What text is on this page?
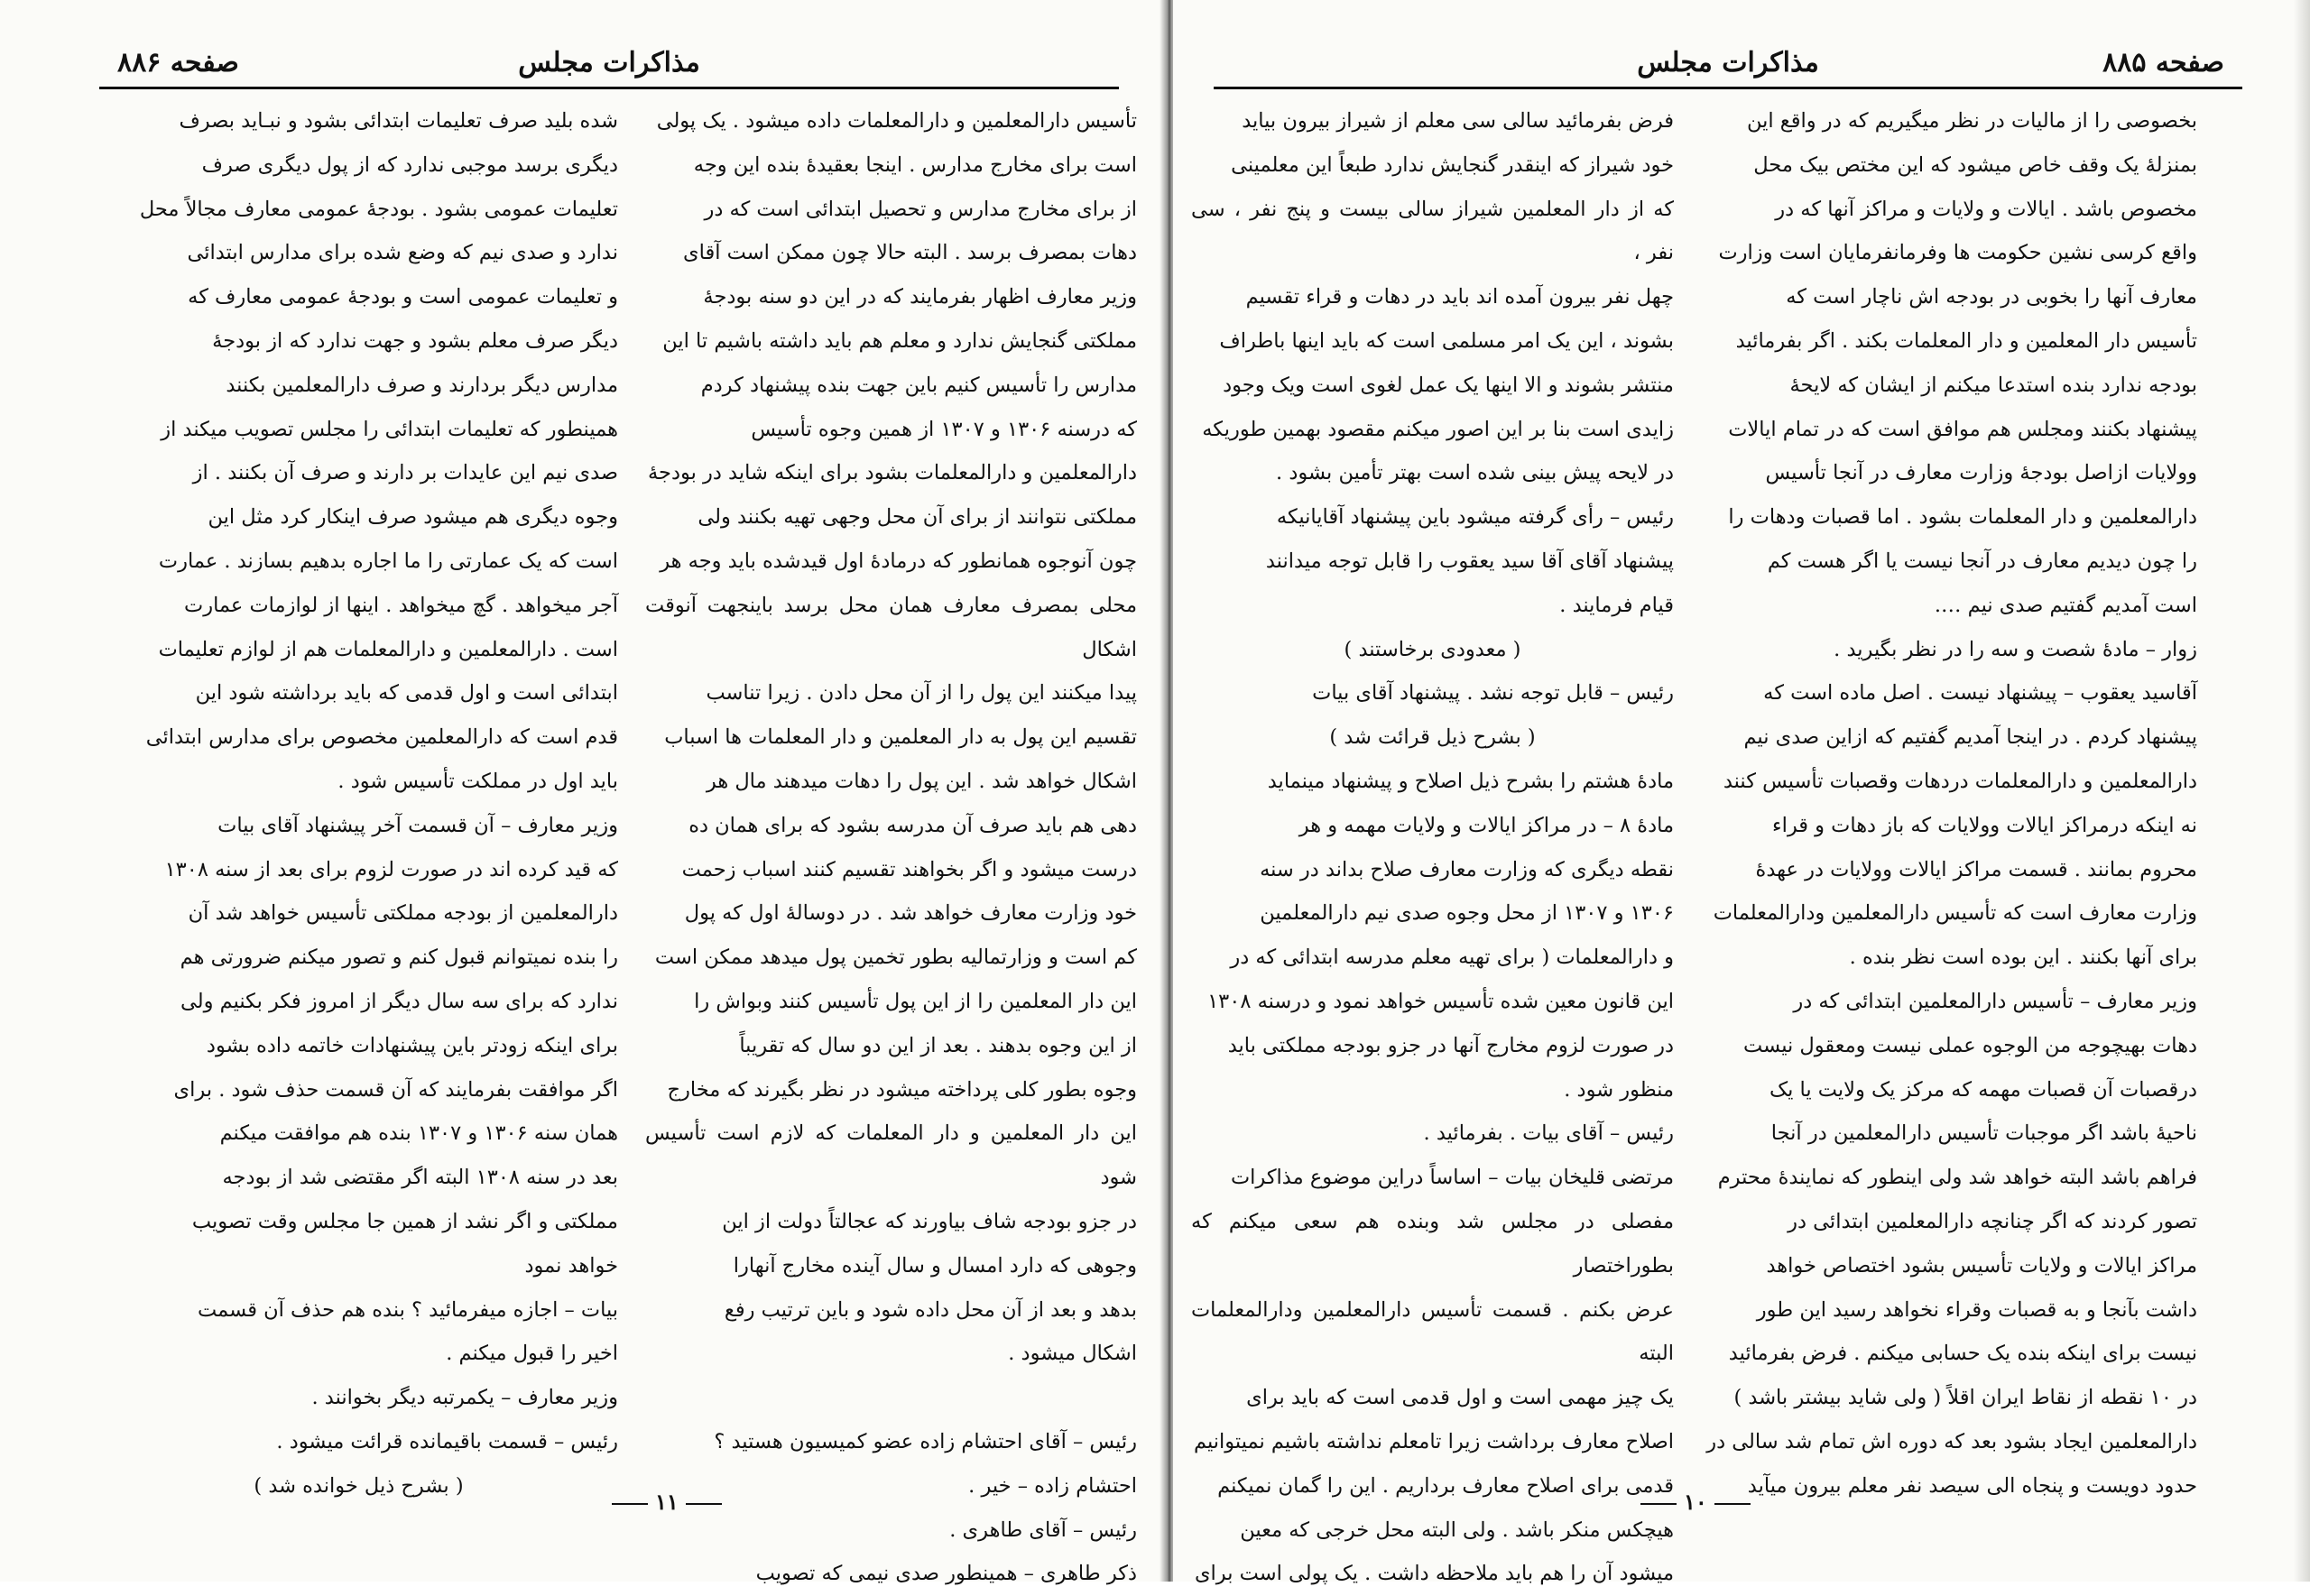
مذاکرات مجلس
صفحه ۸۸۶

تأسیس دارالمعلمین و دارالمعلمات داده میشود . یک پولی

است برای مخارج مدارس . اینجا بعقیدهٔ بنده این وجه

از برای مخارج مدارس و تحصیل ابتدائی است که در

دهات بمصرف برسد . البته حالا چون ممکن است آقای

وزیر معارف اظهار بفرمایند که در این دو سنه بودجهٔ

مملکتی گنجایش ندارد و معلم هم باید داشته باشیم تا این

مدارس را تأسیس کنیم باین جهت بنده پیشنهاد کردم

که درسنه ۱۳۰۶ و ۱۳۰۷ از همین وجوه تأسیس

دارالمعلمین و دارالمعلمات بشود برای اینکه شاید در بودجهٔ

مملکتی نتوانند از برای آن محل وجهی تهیه بکنند ولی

چون آنوجوه همانطور که درمادهٔ اول قیدشده باید وجه هر

محلی بمصرف معارف همان محل برسد باینجهت آنوقت اشکال

پیدا میکنند این پول را از آن محل دادن . زیرا تناسب

تقسیم این پول به دار المعلمین و دار المعلمات ها اسباب

اشکال خواهد شد . این پول را دهات میدهند مال هر

دهی هم باید صرف آن مدرسه بشود که برای همان ده

درست میشود و اگر بخواهند تقسیم کنند اسباب زحمت

خود وزارت معارف خواهد شد . در دوسالهٔ اول که پول

کم است و وزارتمالیه بطور تخمین پول میدهد ممکن است

این دار المعلمین را از این پول تأسیس کنند وبواش را

از این وجوه بدهند . بعد از این دو سال که تقریباً

وجوه بطور کلی پرداخته میشود در نظر بگیرند که مخارج

این دار المعلمین و دار المعلمات که لازم است تأسیس شود

در جزو بودجه شاف بیاورند که عجالتاً دولت از این

وجوهی که دارد امسال و سال آینده مخارج آنهارا

بدهد و بعد از آن محل داده شود و باین ترتیب رفع

اشکال میشود .

رئیس – آقای احتشام زاده عضو کمیسیون هستید ؟

احتشام زاده – خیر .

رئیس – آقای طاهری .

ذکر طاهری – همینطور صدی نیمی که تصویب

شده بلید صرف تعلیمات ابتدائی بشود و نبـاید بصرف

دیگری برسد موجبی ندارد که از پول دیگری صرف

تعلیمات عمومی بشود . بودجهٔ عمومی معارف مجالاً محل

ندارد و صدی نیم که وضع شده برای مدارس ابتدائی

و تعلیمات عمومی است و بودجهٔ عمومی معارف که

دیگر صرف معلم بشود و جهت ندارد که از بودجهٔ

مدارس دیگر بردارند و صرف دارالمعلمین بکنند

همینطور که تعلیمات ابتدائی را مجلس تصویب میکند از

صدی نیم این عایدات بر دارند و صرف آن بکنند . از

وجوه دیگری هم میشود صرف اینکار کرد مثل این

است که یک عمارتی را ما اجاره بدهیم بسازند . عمارت

آجر میخواهد . گچ میخواهد . اینها از لوازمات عمارت

است . دارالمعلمین و دارالمعلمات هم از لوازم تعلیمات

ابتدائی است و اول قدمی که باید برداشته شود این

قدم است که دارالمعلمین مخصوص برای مدارس ابتدائی

باید اول در مملکت تأسیس شود .

وزیر معارف – آن قسمت آخر پیشنهاد آقای بیات

که قید کرده اند در صورت لزوم برای بعد از سنه ۱۳۰۸

دارالمعلمین از بودجه مملکتی تأسیس خواهد شد آن

را بنده نمیتوانم قبول کنم و تصور میکنم ضرورتی هم

ندارد که برای سه سال دیگر از امروز فکر بکنیم ولی

برای اینکه زودتر باین پیشنهادات خاتمه داده بشود

اگر موافقت بفرمایند که آن قسمت حذف شود . برای

همان سنه ۱۳۰۶ و ۱۳۰۷ بنده هم موافقت میکنم

بعد در سنه ۱۳۰۸ البته اگر مقتضی شد از بودجه

مملکتی و اگر نشد از همین جا مجلس وقت تصویب

خواهد نمود

بیات – اجازه میفرمائید ؟ بنده هم حذف آن قسمت

اخیر را قبول میکنم .

وزیر معارف – یکمرتبه دیگر بخوانند .

رئیس – قسمت باقیمانده قرائت میشود .

( بشرح ذیل خوانده شد )

۱۱
مذاکرات مجلس	صفحه ۸۸۵

بخصوصی را از مالیات در نظر میگیریم که در واقع این

بمنزلهٔ یک وقف خاص میشود که این مختص بیک محل

مخصوص باشد . ایالات و ولایات و مراکز آنها که در

واقع کرسی نشین حکومت ها وفرمانفرمایان است وزارت

معارف آنها را بخوبی در بودجه اش ناچار است که

تأسیس دار المعلمین و دار المعلمات بکند . اگر بفرمائید

بودجه ندارد بنده استدعا میکنم از ایشان که لایحهٔ

پیشنهاد بکنند ومجلس هم موافق است که در تمام ایالات

وولایات ازاصل بودجهٔ وزارت معارف در آنجا تأسیس

دارالمعلمین و دار المعلمات بشود . اما قصبات ودهات را

را چون دیدیم معارف در آنجا نیست یا اگر هست کم

است آمدیم گفتیم صدی نیم ….

زوار – مادهٔ شصت و سه را در نظر بگیرید .

آقاسید یعقوب – پیشنهاد نیست . اصل ماده است که

پیشنهاد کردم . در اینجا آمدیم گفتیم که ازاین صدی نیم

دارالمعلمین و دارالمعلمات دردهات وقصبات تأسیس کنند

نه اینکه درمراکز ایالات وولایات که باز دهات و قراء

محروم بمانند . قسمت مراکز ایالات وولایات در عهدهٔ

وزارت معارف است که تأسیس دارالمعلمین ودارالمعلمات

برای آنها بکنند . این بوده است نظر بنده .

وزیر معارف – تأسیس دارالمعلمین ابتدائی که در

دهات بهیچوجه من الوجوه عملی نیست ومعقول نیست

درقصبات آن قصبات مهمه که مرکز یک ولایت یا یک

ناحیهٔ باشد اگر موجبات تأسیس دارالمعلمین در آنجا

فراهم باشد البته خواهد شد ولی اینطور که نمایندهٔ محترم

تصور کردند که اگر چنانچه دارالمعلمین ابتدائی در

مراکز ایالات و ولایات تأسیس بشود اختصاص خواهد

داشت بآنجا و به قصبات وقراء نخواهد رسید این طور

نیست برای اینکه بنده یک حسابی میکنم . فرض بفرمائید

در ۱۰ نقطه از نقاط ایران اقلاً ( ولی شاید بیشتر باشد )

دارالمعلمین ایجاد بشود بعد که دوره اش تمام شد سالی در

حدود دویست و پنجاه الی سیصد نفر معلم بیرون میآید

فرض بفرمائید سالی سی معلم از شیراز بیرون بیاید

خود شیراز که اینقدر گنجایش ندارد طبعاً این معلمینی

که از دار المعلمین شیراز سالی بیست و پنج نفر ، سی نفر ،

چهل نفر بیرون آمده اند باید در دهات و قراء تقسیم

بشوند ، این یک امر مسلمی است که باید اینها باطراف

منتشر بشوند و الا اینها یک عمل لغوی است ویک وجود

زایدی است بنا بر این اصور میکنم مقصود بهمین طوریکه

در لایحه پیش بینی شده است بهتر تأمین بشود .

رئیس – رأی گرفته میشود باین پیشنهاد آقایانیکه

پیشنهاد آقای آقا سید یعقوب را قابل توجه میدانند

قیام فرمایند .

( معدودی برخاستند )

رئیس – قابل توجه نشد . پیشنهاد آقای بیات

( بشرح ذیل قرائت شد )

مادهٔ هشتم را بشرح ذیل اصلاح و پیشنهاد مینماید

مادهٔ ۸ – در مراکز ایالات و ولایات مهمه و هر

نقطه دیگری که وزارت معارف صلاح بداند در سنه

۱۳۰۶ و ۱۳۰۷ از محل وجوه صدی نیم دارالمعلمین

و دارالمعلمات ( برای تهیه معلم مدرسه ابتدائی که در

این قانون معین شده تأسیس خواهد نمود و درسنه ۱۳۰۸

در صورت لزوم مخارج آنها در جزو بودجه مملکتی باید

منظور شود .

رئیس – آقای بیات . بفرمائید .

مرتضی قلیخان بیات – اساساً دراین موضوع مذاکرات

مفصلی در مجلس شد وبنده هم سعی میکنم که بطوراختصار

عرض بکنم . قسمت تأسیس دارالمعلمین ودارالمعلمات البته

یک چیز مهمی است و اول قدمی است که باید برای

اصلاح معارف برداشت زیرا تامعلم نداشته باشیم نمیتوانیم

قدمی برای اصلاح معارف برداریم . این را گمان نمیکنم

هیچکس منکر باشد . ولی البته محل خرجی که معین

میشود آن را هم باید ملاحظه داشت . یک پولی است برای

۱۰
